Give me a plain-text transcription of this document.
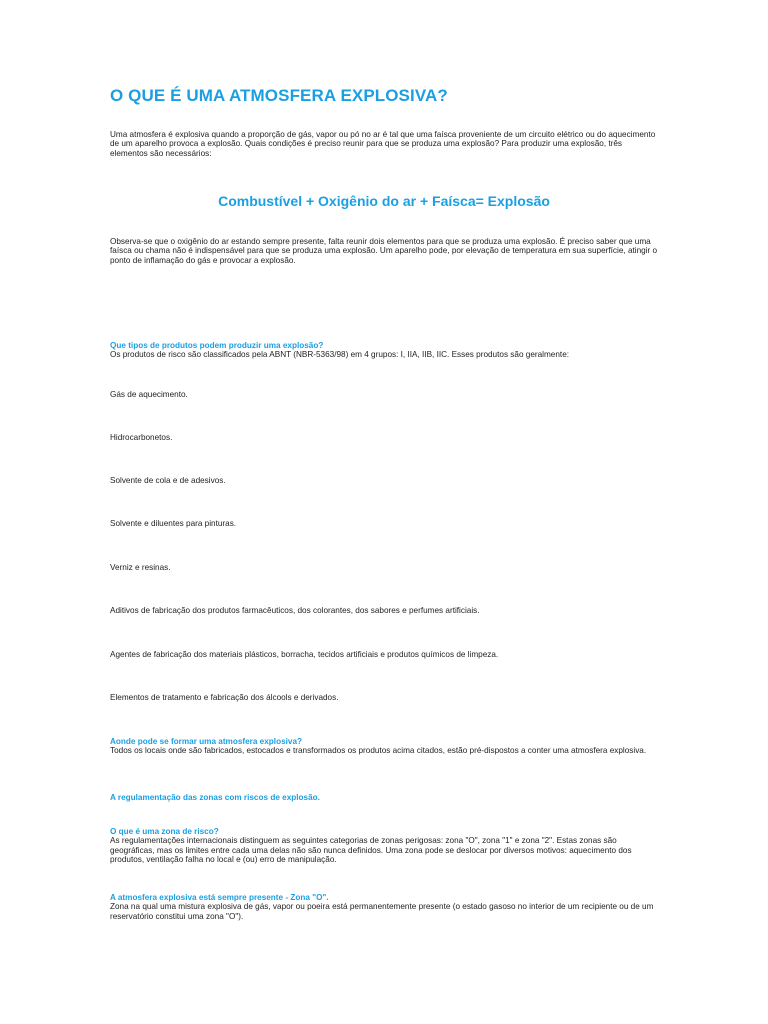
O QUE É UMA ATMOSFERA EXPLOSIVA?

Uma atmosfera é explosiva quando a proporção de gás, vapor ou pó no ar é tal que uma faísca proveniente de um circuito elétrico ou do aquecimento de um aparelho provoca a explosão. Quais condições é preciso reunir para que se produza uma explosão? Para produzir uma explosão, três elementos são necessários:

Combustível + Oxigênio do ar + Faísca= Explosão

Observa-se que o oxigênio do ar estando sempre presente, falta reunir dois elementos para que se produza uma explosão. É preciso saber que uma faísca ou chama não é indispensável para que se produza uma explosão. Um aparelho pode, por elevação de temperatura em sua superfície, atingir o ponto de inflamação do gás e provocar a explosão.

Que tipos de produtos podem produzir uma explosão?
Os produtos de risco são classificados pela ABNT (NBR-5363/98) em 4 grupos: I, IIA, IIB, IIC. Esses produtos são geralmente:
Gás de aquecimento.
Hidrocarbonetos.
Solvente de cola e de adesivos.
Solvente e diluentes para pinturas.
Verniz e resinas.
Aditivos de fabricação dos produtos farmacêuticos, dos colorantes, dos sabores e perfumes artificiais.
Agentes de fabricação dos materiais plásticos, borracha, tecidos artificiais e produtos químicos de limpeza.
Elementos de tratamento e fabricação dos álcools e derivados.
Aonde pode se formar uma atmosfera explosiva?
Todos os locais onde são fabricados, estocados e transformados os produtos acima citados, estão pré-dispostos a conter uma atmosfera explosiva.
A regulamentação das zonas com riscos de explosão.
O que é uma zona de risco?
As regulamentações internacionais distinguem as seguintes categorias de zonas perigosas: zona "O", zona "1" e zona "2". Estas zonas são geográficas, mas os limites entre cada uma delas não são nunca definidos. Uma zona pode se deslocar por diversos motivos: aquecimento dos produtos, ventilação falha no local e (ou) erro de manipulação.
A atmosfera explosiva está sempre presente - Zona "O".
Zona na qual uma mistura explosiva de gás, vapor ou poeira está permanentemente presente (o estado gasoso no interior de um recipiente ou de um reservatório constitui uma zona "O").
